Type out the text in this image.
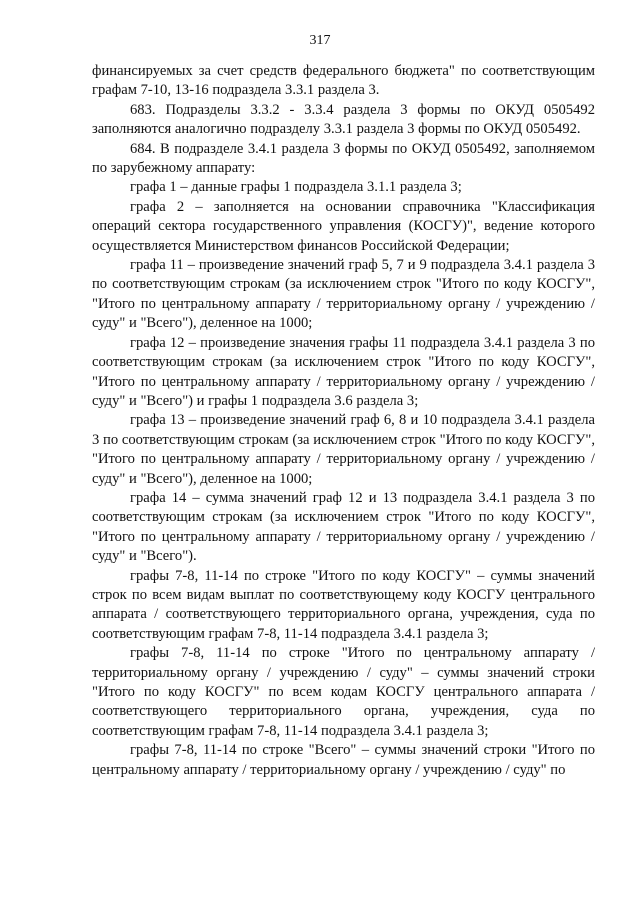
317

финансируемых за счет средств федерального бюджета" по соответствующим графам 7-10, 13-16 подраздела 3.3.1 раздела 3.

683. Подразделы 3.3.2 - 3.3.4 раздела 3 формы по ОКУД 0505492 заполняются аналогично подразделу 3.3.1 раздела 3 формы по ОКУД 0505492.

684. В подразделе 3.4.1 раздела 3 формы по ОКУД 0505492, заполняемом по зарубежному аппарату:

графа 1 – данные графы 1 подраздела 3.1.1 раздела 3;

графа 2 – заполняется на основании справочника "Классификация операций сектора государственного управления (КОСГУ)", ведение которого осуществляется Министерством финансов Российской Федерации;

графа 11 – произведение значений граф 5, 7 и 9 подраздела 3.4.1 раздела 3 по соответствующим строкам (за исключением строк "Итого по коду КОСГУ", "Итого по центральному аппарату / территориальному органу / учреждению / суду" и "Всего"), деленное на 1000;

графа 12 – произведение значения графы 11 подраздела 3.4.1 раздела 3 по соответствующим строкам (за исключением строк "Итого по коду КОСГУ", "Итого по центральному аппарату / территориальному органу / учреждению / суду" и "Всего") и графы 1 подраздела 3.6 раздела 3;

графа 13 – произведение значений граф 6, 8 и 10 подраздела 3.4.1 раздела 3 по соответствующим строкам (за исключением строк "Итого по коду КОСГУ", "Итого по центральному аппарату / территориальному органу / учреждению / суду" и "Всего"), деленное на 1000;

графа 14 – сумма значений граф 12 и 13 подраздела 3.4.1 раздела 3 по соответствующим строкам (за исключением строк "Итого по коду КОСГУ", "Итого по центральному аппарату / территориальному органу / учреждению / суду" и "Всего").

графы 7-8, 11-14 по строке "Итого по коду КОСГУ" – суммы значений строк по всем видам выплат по соответствующему коду КОСГУ центрального аппарата / соответствующего территориального органа, учреждения, суда по соответствующим графам 7-8, 11-14 подраздела 3.4.1 раздела 3;

графы 7-8, 11-14 по строке "Итого по центральному аппарату / территориальному органу / учреждению / суду" – суммы значений строки "Итого по коду КОСГУ" по всем кодам КОСГУ центрального аппарата / соответствующего территориального органа, учреждения, суда по соответствующим графам 7-8, 11-14 подраздела 3.4.1 раздела 3;

графы 7-8, 11-14 по строке "Всего" – суммы значений строки "Итого по центральному аппарату / территориальному органу / учреждению / суду" по
